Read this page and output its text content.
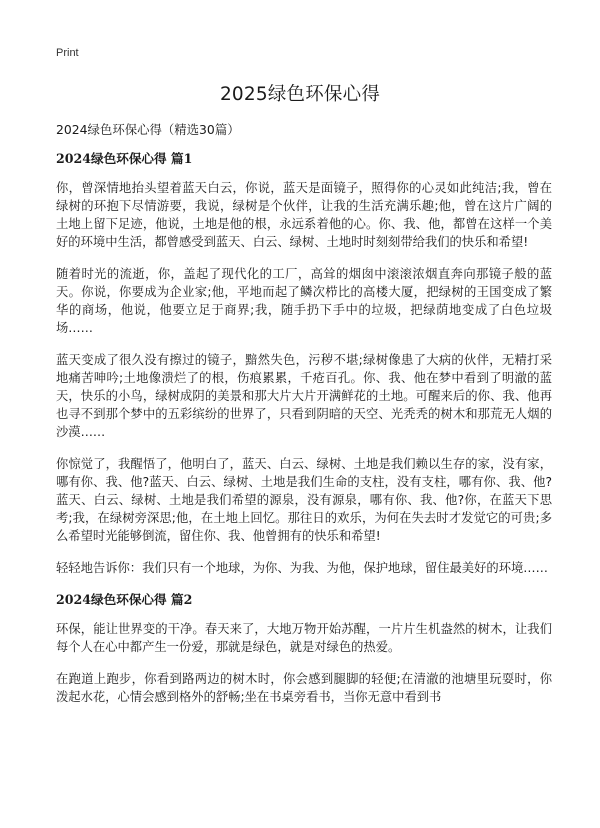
Print
2025绿色环保心得

2024绿色环保心得（精选30篇）

2024绿色环保心得 篇1

你，曾深情地抬头望着蓝天白云，你说，蓝天是面镜子，照得你的心灵如此纯洁;我，曾在绿树的环抱下尽情游要，我说，绿树是个伙伴，让我的生活充满乐趣;他，曾在这片广阔的土地上留下足迹，他说，土地是他的根，永远系着他的心。你、我、他，都曾在这样一个美好的环境中生活，都曾感受到蓝天、白云、绿树、土地时时刻刻带给我们的快乐和希望!

随着时光的流逝，你，盖起了现代化的工厂，高耸的烟囱中滚滚浓烟直奔向那镜子般的蓝天。你说，你要成为企业家;他，平地而起了鳞次栉比的高楼大厦，把绿树的王国变成了繁华的商场，他说，他要立足于商界;我，随手扔下手中的垃圾，把绿荫地变成了白色垃圾场……

蓝天变成了很久没有擦过的镜子，黯然失色，污秽不堪;绿树像患了大病的伙伴，无精打采地痛苦呻吟;土地像溃烂了的根，伤痕累累，千疮百孔。你、我、他在梦中看到了明澈的蓝天，快乐的小鸟，绿树成阴的美景和那大片大片开满鲜花的土地。可醒来后的你、我、他再也寻不到那个梦中的五彩缤纷的世界了，只看到阴暗的天空、光秃秃的树木和那荒无人烟的沙漠……

你惊觉了，我醒悟了，他明白了，蓝天、白云、绿树、土地是我们赖以生存的家，没有家，哪有你、我、他?蓝天、白云、绿树、土地是我们生命的支柱，没有支柱，哪有你、我、他?蓝天、白云、绿树、土地是我们希望的源泉，没有源泉，哪有你、我、他?你，在蓝天下思考;我，在绿树旁深思;他，在土地上回忆。那往日的欢乐，为何在失去时才发觉它的可贵;多么希望时光能够倒流，留住你、我、他曾拥有的快乐和希望!

轻轻地告诉你：我们只有一个地球，为你、为我、为他，保护地球，留住最美好的环境……

2024绿色环保心得 篇2

环保，能让世界变的干净。春天来了，大地万物开始苏醒，一片片生机盎然的树木，让我们每个人在心中都产生一份爱，那就是绿色，就是对绿色的热爱。

在跑道上跑步，你看到路两边的树木时，你会感到腿脚的轻便;在清澈的池塘里玩耍时，你泼起水花，心情会感到格外的舒畅;坐在书桌旁看书，当你无意中看到书
